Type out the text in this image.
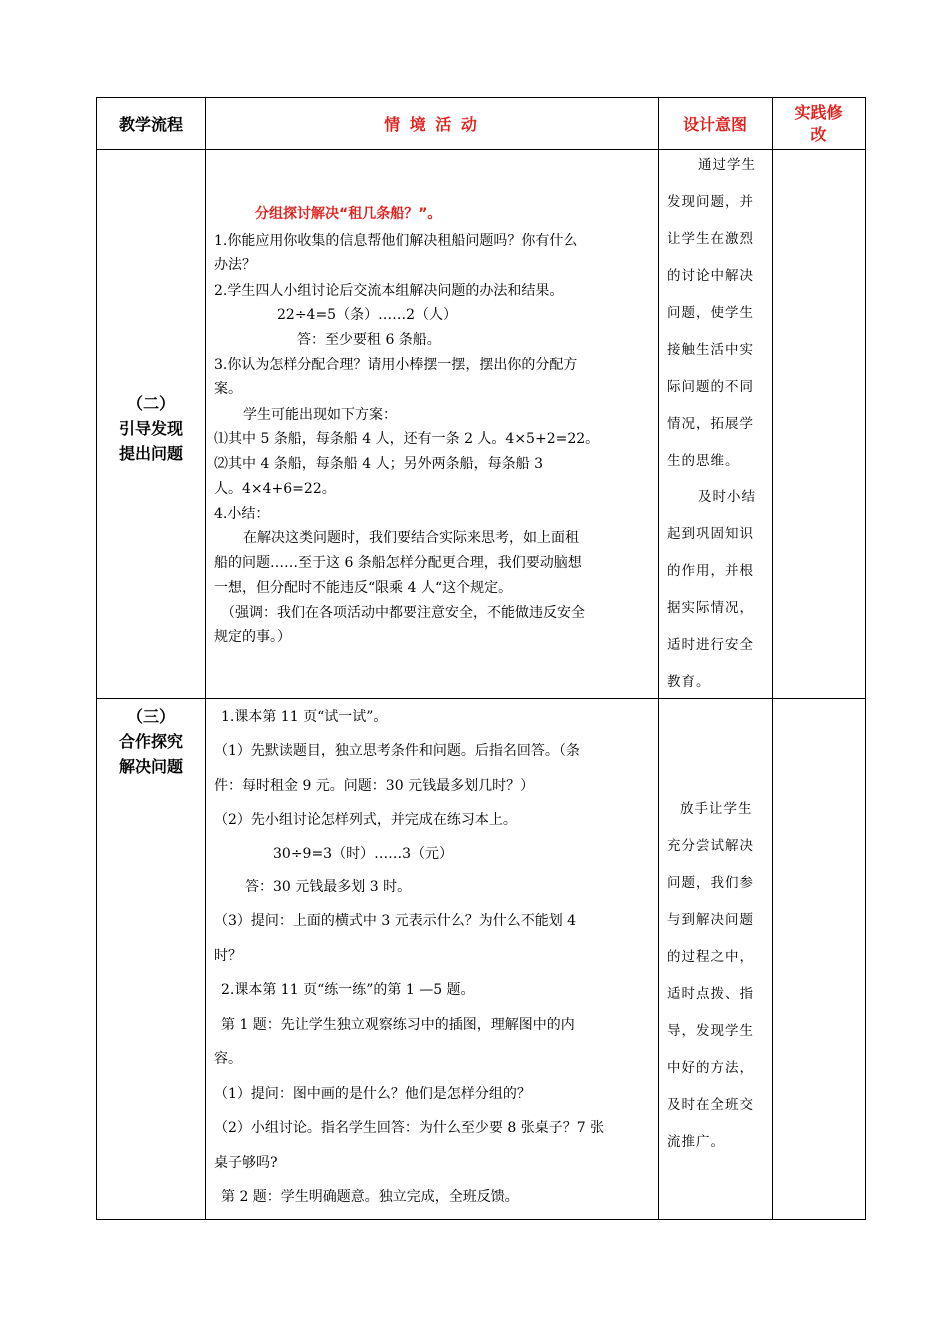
教学流程	情 境 活 动	设计意图
实践修
改
（二）
引导发现
提出问题
分组探讨解决“租几条船？”。
1.你能应用你收集的信息帮他们解决租船问题吗？你有什么
办法？
2.学生四人小组讨论后交流本组解决问题的办法和结果。
22÷4=5（条）……2（人）
答：至少要租 6 条船。
3.你认为怎样分配合理？请用小棒摆一摆，摆出你的分配方
案。
学生可能出现如下方案：
⑴其中 5 条船，每条船 4 人，还有一条 2 人。4×5+2=22。
⑵其中 4 条船，每条船 4 人；另外两条船，每条船 3
人。4×4+6=22。
4.小结：
在解决这类问题时，我们要结合实际来思考，如上面租
船的问题……至于这 6 条船怎样分配更合理，我们要动脑想
一想，但分配时不能违反“限乘 4 人“这个规定。
（强调：我们在各项活动中都要注意安全，不能做违反安全
规定的事。）
通过学生
发现问题，并
让学生在激烈
的讨论中解决
问题，使学生
接触生活中实
际问题的不同
情况，拓展学
生的思维。
及时小结
起到巩固知识
的作用，并根
据实际情况，
适时进行安全
教育。
（三）
合作探究
解决问题
1.课本第 11 页“试一试”。
（1）先默读题目，独立思考条件和问题。后指名回答。（条
件：每时租金 9 元。问题：30 元钱最多划几时？）
（2）先小组讨论怎样列式，并完成在练习本上。
30÷9=3（时）……3（元）
答：30 元钱最多划 3 时。
（3）提问：上面的横式中 3 元表示什么？为什么不能划 4
时？
2.课本第 11 页“练一练”的第 1 —5 题。
第 1 题：先让学生独立观察练习中的插图，理解图中的内
容。
（1）提问：图中画的是什么？他们是怎样分组的？
（2）小组讨论。指名学生回答：为什么至少要 8 张桌子？7 张
桌子够吗?
第 2 题：学生明确题意。独立完成，全班反馈。
放手让学生
充分尝试解决
问题，我们参
与到解决问题
的过程之中，
适时点拨、指
导，发现学生
中好的方法，
及时在全班交
流推广。
